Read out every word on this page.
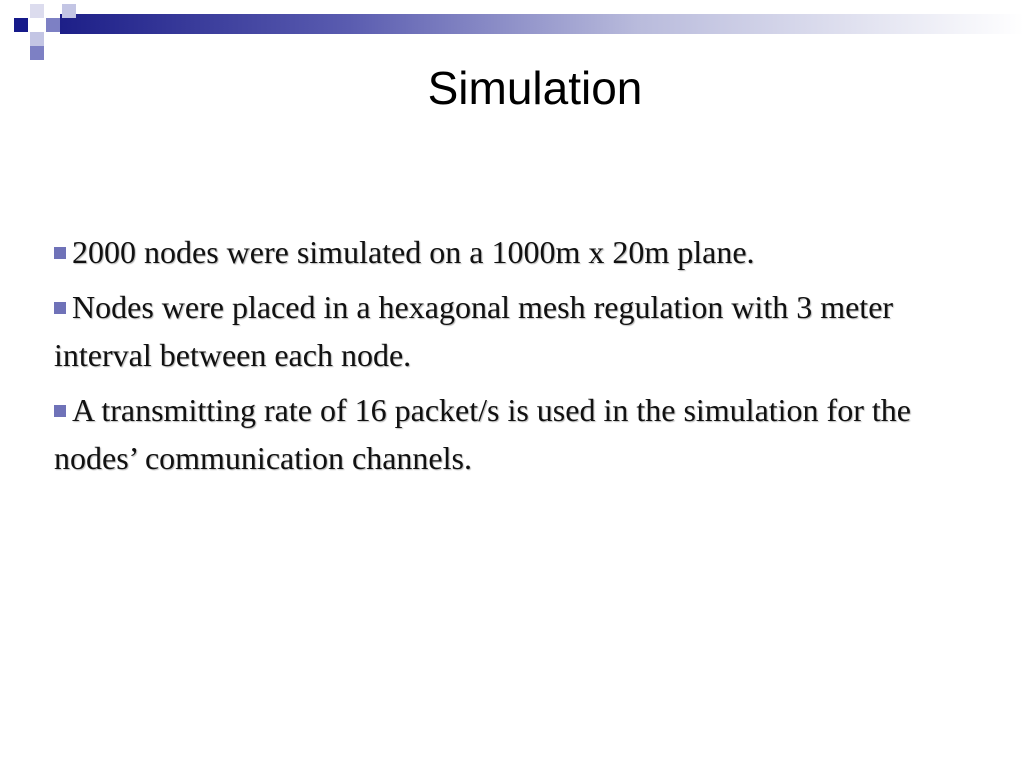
Simulation
2000 nodes were simulated on a 1000m x 20m plane.
Nodes were placed in a hexagonal mesh regulation with 3 meter interval between each node.
A transmitting rate of 16 packet/s is used in the simulation for the nodes’ communication channels.
